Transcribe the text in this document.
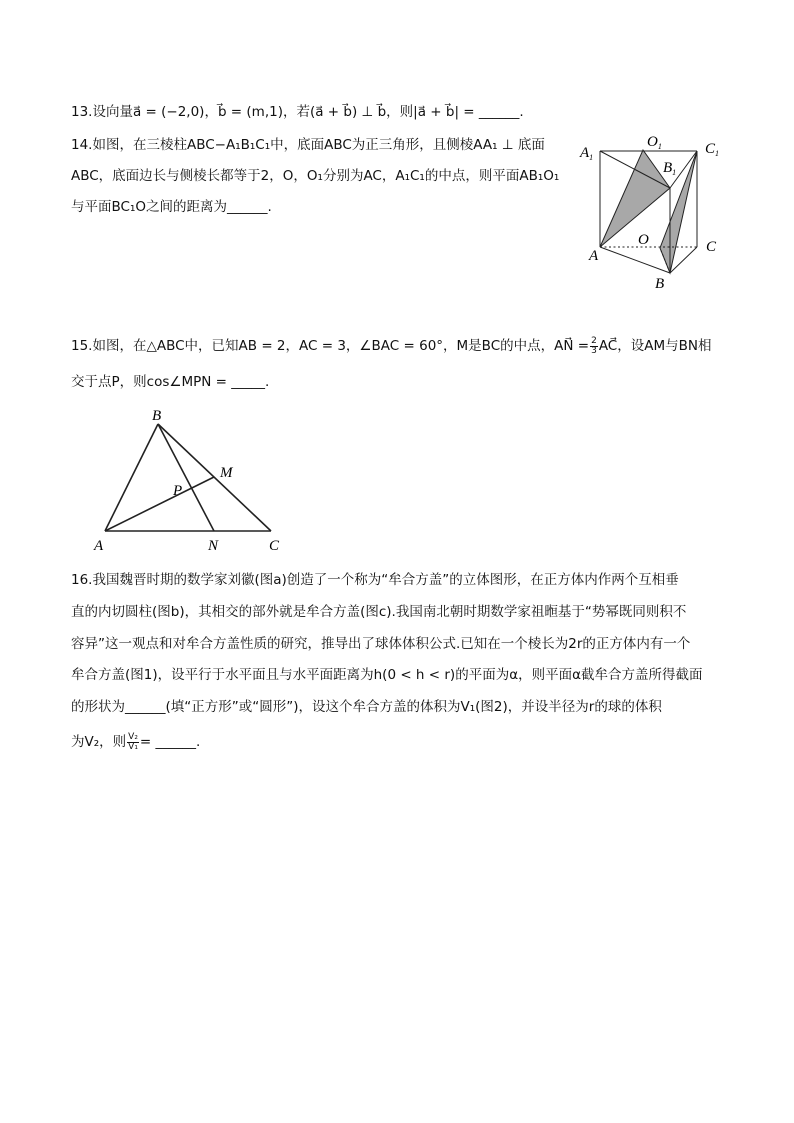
13.设向量a⃗ = (−2,0)，b⃗ = (m,1)，若(a⃗ + b⃗) ⊥ b⃗，则|a⃗ + b⃗| = ______.
14.如图，在三棱柱ABC−A₁B₁C₁中，底面ABC为正三角形，且侧棱AA₁ ⊥ 底面
ABC，底面边长与侧棱长都等于2，O，O₁分别为AC，A₁C₁的中点，则平面AB₁O₁
与平面BC₁O之间的距离为______.
$A_1$
$O_1$
$B_1$
$C_1$
O
A
C
B
15.如图，在△ABC中，已知AB = 2，AC = 3，∠BAC = 60°，M是BC的中点，AN⃗ = $\frac{2}{3}$ AC⃗，设AM与BN相
交于点P，则cos∠MPN = _____.
B
M
P
A	N	C
16.我国魏晋时期的数学家刘徽(图a)创造了一个称为“牟合方盖”的立体图形，在正方体内作两个互相垂
直的内切圆柱(图b)，其相交的部外就是牟合方盖(图c).我国南北朝时期数学家祖暅基于“势幂既同则积不
容异”这一观点和对牟合方盖性质的研究，推导出了球体体积公式.已知在一个棱长为2r的正方体内有一个
牟合方盖(图1)，设平行于水平面且与水平面距离为h(0 < h < r)的平面为α，则平面α截牟合方盖所得截面
的形状为______(填“正方形”或“圆形”)，设这个牟合方盖的体积为V₁(图2)，并设半径为r的球的体积
为V₂，则 $\frac{\text{V₂}}{\text{V₁}}$ = ______.
